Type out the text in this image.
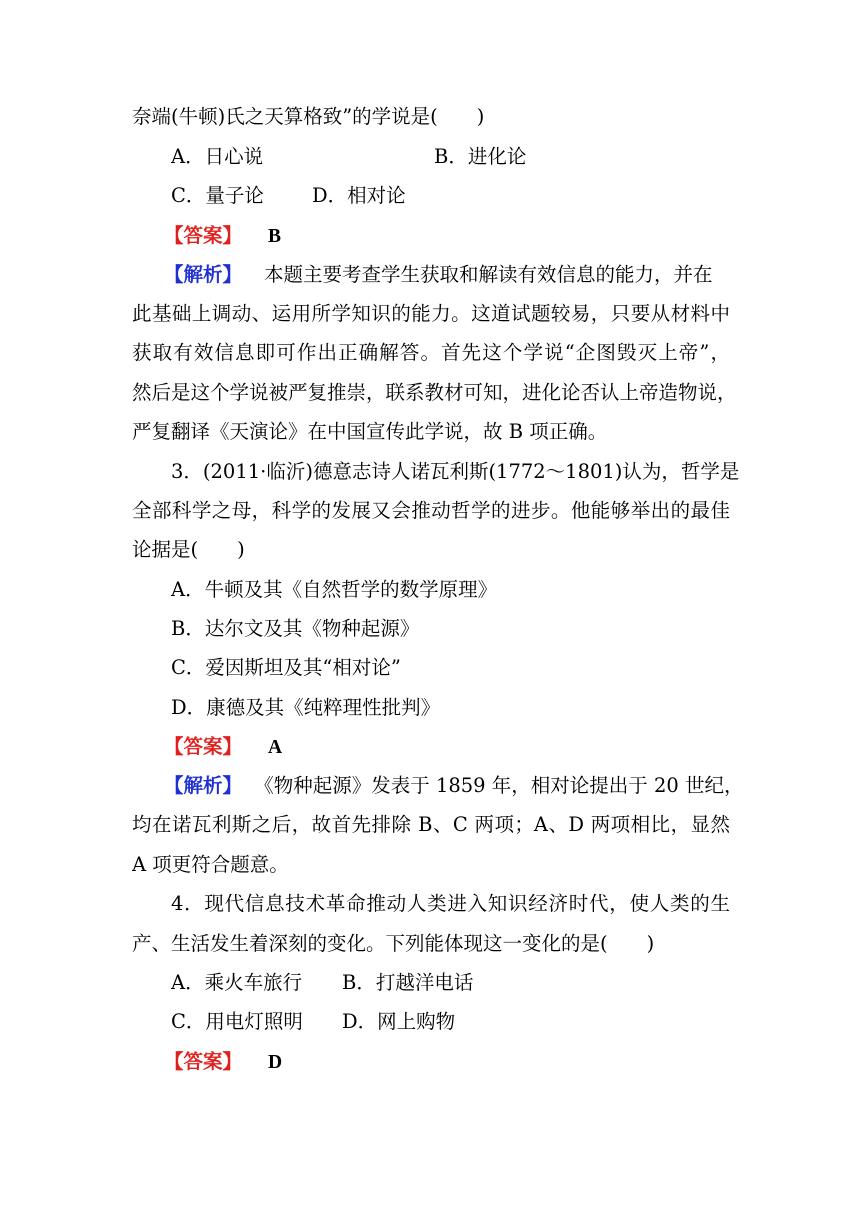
奈端(牛顿)氏之天算格致”的学说是(　　)
A．日心说	B．进化论
C．量子论 D．相对论
【答案】 B
【解析】 本题主要考查学生获取和解读有效信息的能力，并在
此基础上调动、运用所学知识的能力。这道试题较易，只要从材料中
获取有效信息即可作出正确解答。首先这个学说“企图毁灭上帝”，
然后是这个学说被严复推崇，联系教材可知，进化论否认上帝造物说，
严复翻译《天演论》在中国宣传此学说，故 B 项正确。
3．(2011·临沂)德意志诗人诺瓦利斯(1772～1801)认为，哲学是
全部科学之母，科学的发展又会推动哲学的进步。他能够举出的最佳
论据是(　　)
A．牛顿及其《自然哲学的数学原理》
B．达尔文及其《物种起源》
C．爱因斯坦及其“相对论”
D．康德及其《纯粹理性批判》
【答案】 A
【解析】 《物种起源》发表于 1859 年，相对论提出于 20 世纪，
均在诺瓦利斯之后，故首先排除 B、C 两项；A、D 两项相比，显然
A 项更符合题意。
4．现代信息技术革命推动人类进入知识经济时代，使人类的生
产、生活发生着深刻的变化。下列能体现这一变化的是(　　)
A．乘火车旅行 B．打越洋电话
C．用电灯照明 D．网上购物
【答案】 D
